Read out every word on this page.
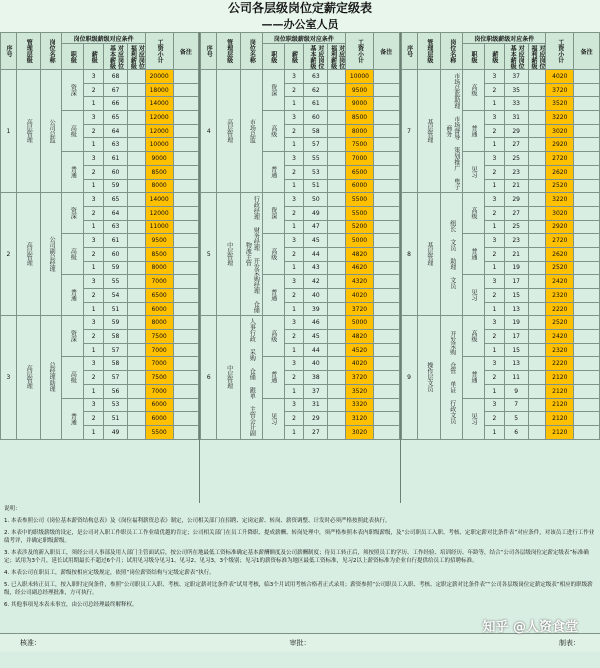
公司各层级岗位定薪定级表
——办公室人员
序号	管理层级	岗位名称	岗位职级薪级对应条件				工资小计	备注
			职级	薪级	对应岗位基本薪级	对应岗位福利薪级		
1	高层管理	公司总监	资深	3	68		20000	
				2	67		18000	
				1	66		14000	
			高级	3	65		12000	
				2	64		12000	
				1	63		10000	
			普通	3	61		9000	
				2	60		8500	
				1	59		8000	
2	高层管理	公司副总经理	资深	3	65		14000	
				2	64		12000	
				1	63		11000	
			高级	3	61		9500	
				2	60		8500	
				1	59		8000	
			普通	3	55		7000	
				2	54		6500	
				1	51		6000	
3	高层管理	总经理助理	资深	3	59		8000	
				2	58		7500	
				1	57		7000	
			高级	3	58		7000	
				2	57		7500	
				1	56		7000	
			普通	3	53		6000	
				2	51		6000	
				1	49		5500	
序号	管理层级	岗位名称	岗位职级薪级对应条件				工资小计	备注
			职级	薪级	对应岗位基本薪级	对应岗位福利薪级		
4	高层管理	市场总监	资深	3	63		10000	
				2	62		9500	
				1	61		9000	
			高级	3	60		8500	
				2	58		8000	
				1	57		7500	
			普通	3	55		7000	
				2	53		6500	
				1	51		6000	
5	中层管理	行政经理 财务经理 开发采购经理 仓储物流主管	资深	3	50		5500	
				2	49		5500	
				1	47		5200	
			高级	3	45		5000	
				2	44		4820	
				1	43		4620	
			普通	3	42		4320	
				2	40		4020	
				1	39		3720	
6	中层管理	人事行政 采购 仓储 跟单 主管会计副	高级	3	46		5000	
				2	45		4820	
				1	44		4520	
			普通	3	40		4020	
				2	38		3720	
				1	37		3520	
			见习	3	31		3320	
				2	29		3120	
				1	27		3020	
序号	管理层级	岗位名称	岗位职级薪级对应条件				工资小计	备注
			职级	薪级	对应岗位基本薪级	对应岗位福利薪级		
7	基层管理	市场总监助理 市场督导 策划推广 电子商务	高级	3	37		4020	
				2	35		3720	
				1	33		3520	
			普通	3	31		3220	
				2	29		3020	
				1	27		2920	
			见习	3	25		2720	
				2	23		2620	
				1	21		2520	
8	基层管理	组长 文员 助理 文员	高级	3	29		3220	
				2	27		3020	
				1	25		2920	
			普通	3	23		2720	
				2	21		2620	
				1	19		2520	
			见习	3	17		2420	
				2	15		2320	
				1	13		2220	
9	操作层文员	开发采购 仓管 单证 行政文员	高级	3	19		2520	
				2	17		2420	
				1	15		2320	
			普通	3	13		2220	
				2	11		2120	
				1	9		2120	
			见习	3	7		2120	
				2	5		2120	
				1	6		2120	

说明：

1. 本表参照公司《岗位基本薪资结构总表》及《岗位福利薪资总表》制定，公司相关部门在招聘、定岗定薪、转岗、薪资调整、计发时必须严格按照此表执行。

2. 本表中的职级薪级的设定，是公司对入职工作职员工工作业绩优越的肯定；公司相关部门在员工升降职、提成薪酬、转岗处理中，须严格参照本表内职级薪级，及“公司职员工入职、考核、定职定薪对比条件表”对应条件，对该员工进行工作业绩考评，并确定职级薪级。

3. 本表涉及的新入职员工，须经公司人事部及用人部门主管面试后，按公司所在地最低工资标准确定基本薪酬额度及公司薪酬制度；待员工转正后，须按照员工的学历、工作经验、培训经历、年龄等，结合“公司各层级岗位定薪定级表”标准确定；试用为3个月，延长试用期最长不超过6个月；试用见习级分见习1、见习2、见习3，3个级别；见习1的薪资标准为地区最低工资标准，见习2以上薪资标准为企业自行提供给员工的招聘标准。

4. 本表公司在职员工，薪级按相应定级规定，依照“岗位薪资结构与定级定薪表”执行。

5. 已入职未转正员工，按入职时定岗条件，参照“公司职员工入职、考核、定职定薪对比条件表”试用考核，临3个月试用考核合格者正式录用；薪资参照“公司职员工入职、考核、定职定薪对比条件表”“公司各层级岗位定薪定级表”相应的职级薪级，经公司副总经理批准，方可执行。

6. 其他事项见本表未事宜，由公司总经理最终解释权。

核准：	审批：	制表：
知乎 @人资食堂
